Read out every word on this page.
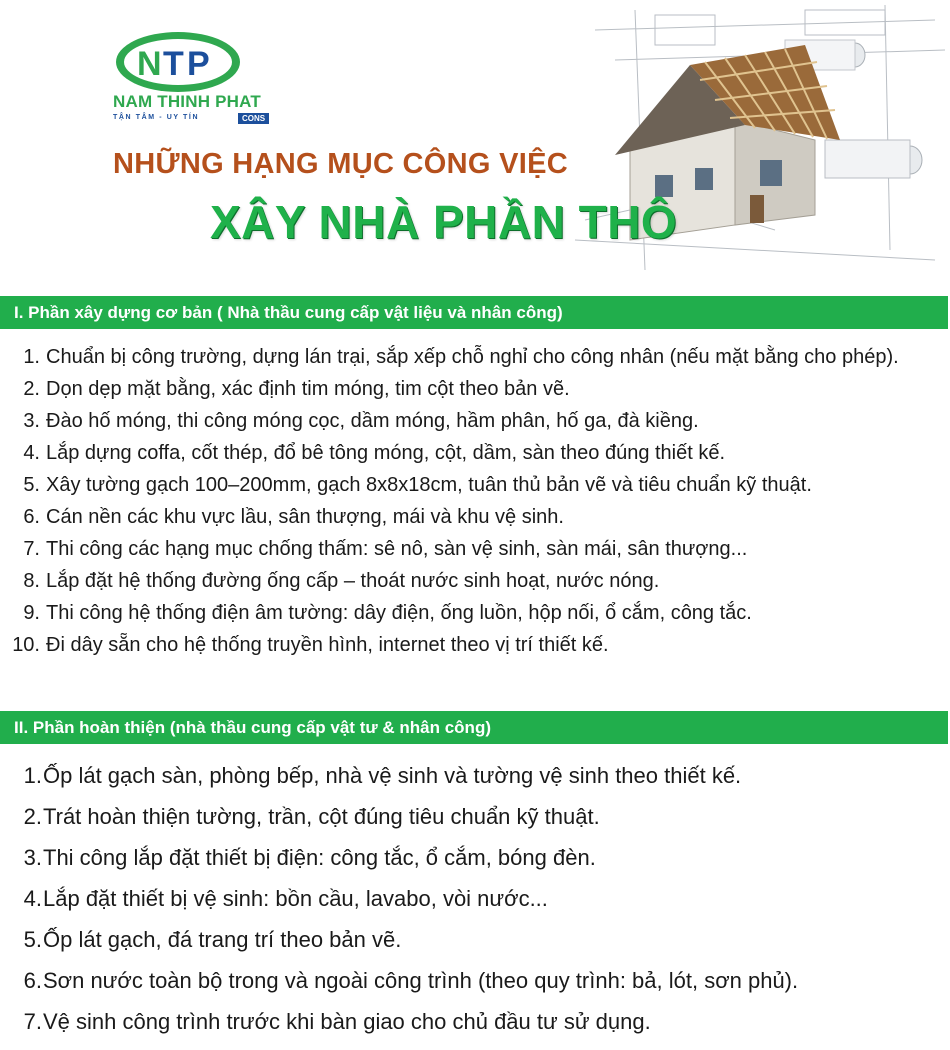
N T P
NAM THINH PHAT
TẬN TÂM - UY TÍN	CONS
NHỮNG HẠNG MỤC CÔNG VIỆC
XÂY NHÀ PHẦN THÔ
I. Phần xây dựng cơ bản ( Nhà thầu cung cấp vật liệu và nhân công)
1. Chuẩn bị công trường, dựng lán trại, sắp xếp chỗ nghỉ cho công nhân (nếu mặt bằng cho phép).
2. Dọn dẹp mặt bằng, xác định tim móng, tim cột theo bản vẽ.
3. Đào hố móng, thi công móng cọc, dầm móng, hầm phân, hố ga, đà kiềng.
4. Lắp dựng coffa, cốt thép, đổ bê tông móng, cột, dầm, sàn theo đúng thiết kế.
5. Xây tường gạch 100–200mm, gạch 8x8x18cm, tuân thủ bản vẽ và tiêu chuẩn kỹ thuật.
6. Cán nền các khu vực lầu, sân thượng, mái và khu vệ sinh.
7. Thi công các hạng mục chống thấm: sê nô, sàn vệ sinh, sàn mái, sân thượng...
8. Lắp đặt hệ thống đường ống cấp – thoát nước sinh hoạt, nước nóng.
9. Thi công hệ thống điện âm tường: dây điện, ống luồn, hộp nối, ổ cắm, công tắc.
10. Đi dây sẵn cho hệ thống truyền hình, internet theo vị trí thiết kế.
II. Phần hoàn thiện (nhà thầu cung cấp vật tư & nhân công)
1. Ốp lát gạch sàn, phòng bếp, nhà vệ sinh và tường vệ sinh theo thiết kế.
2. Trát hoàn thiện tường, trần, cột đúng tiêu chuẩn kỹ thuật.
3. Thi công lắp đặt thiết bị điện: công tắc, ổ cắm, bóng đèn.
4. Lắp đặt thiết bị vệ sinh: bồn cầu, lavabo, vòi nước...
5. Ốp lát gạch, đá trang trí theo bản vẽ.
6. Sơn nước toàn bộ trong và ngoài công trình (theo quy trình: bả, lót, sơn phủ).
7. Vệ sinh công trình trước khi bàn giao cho chủ đầu tư sử dụng.
